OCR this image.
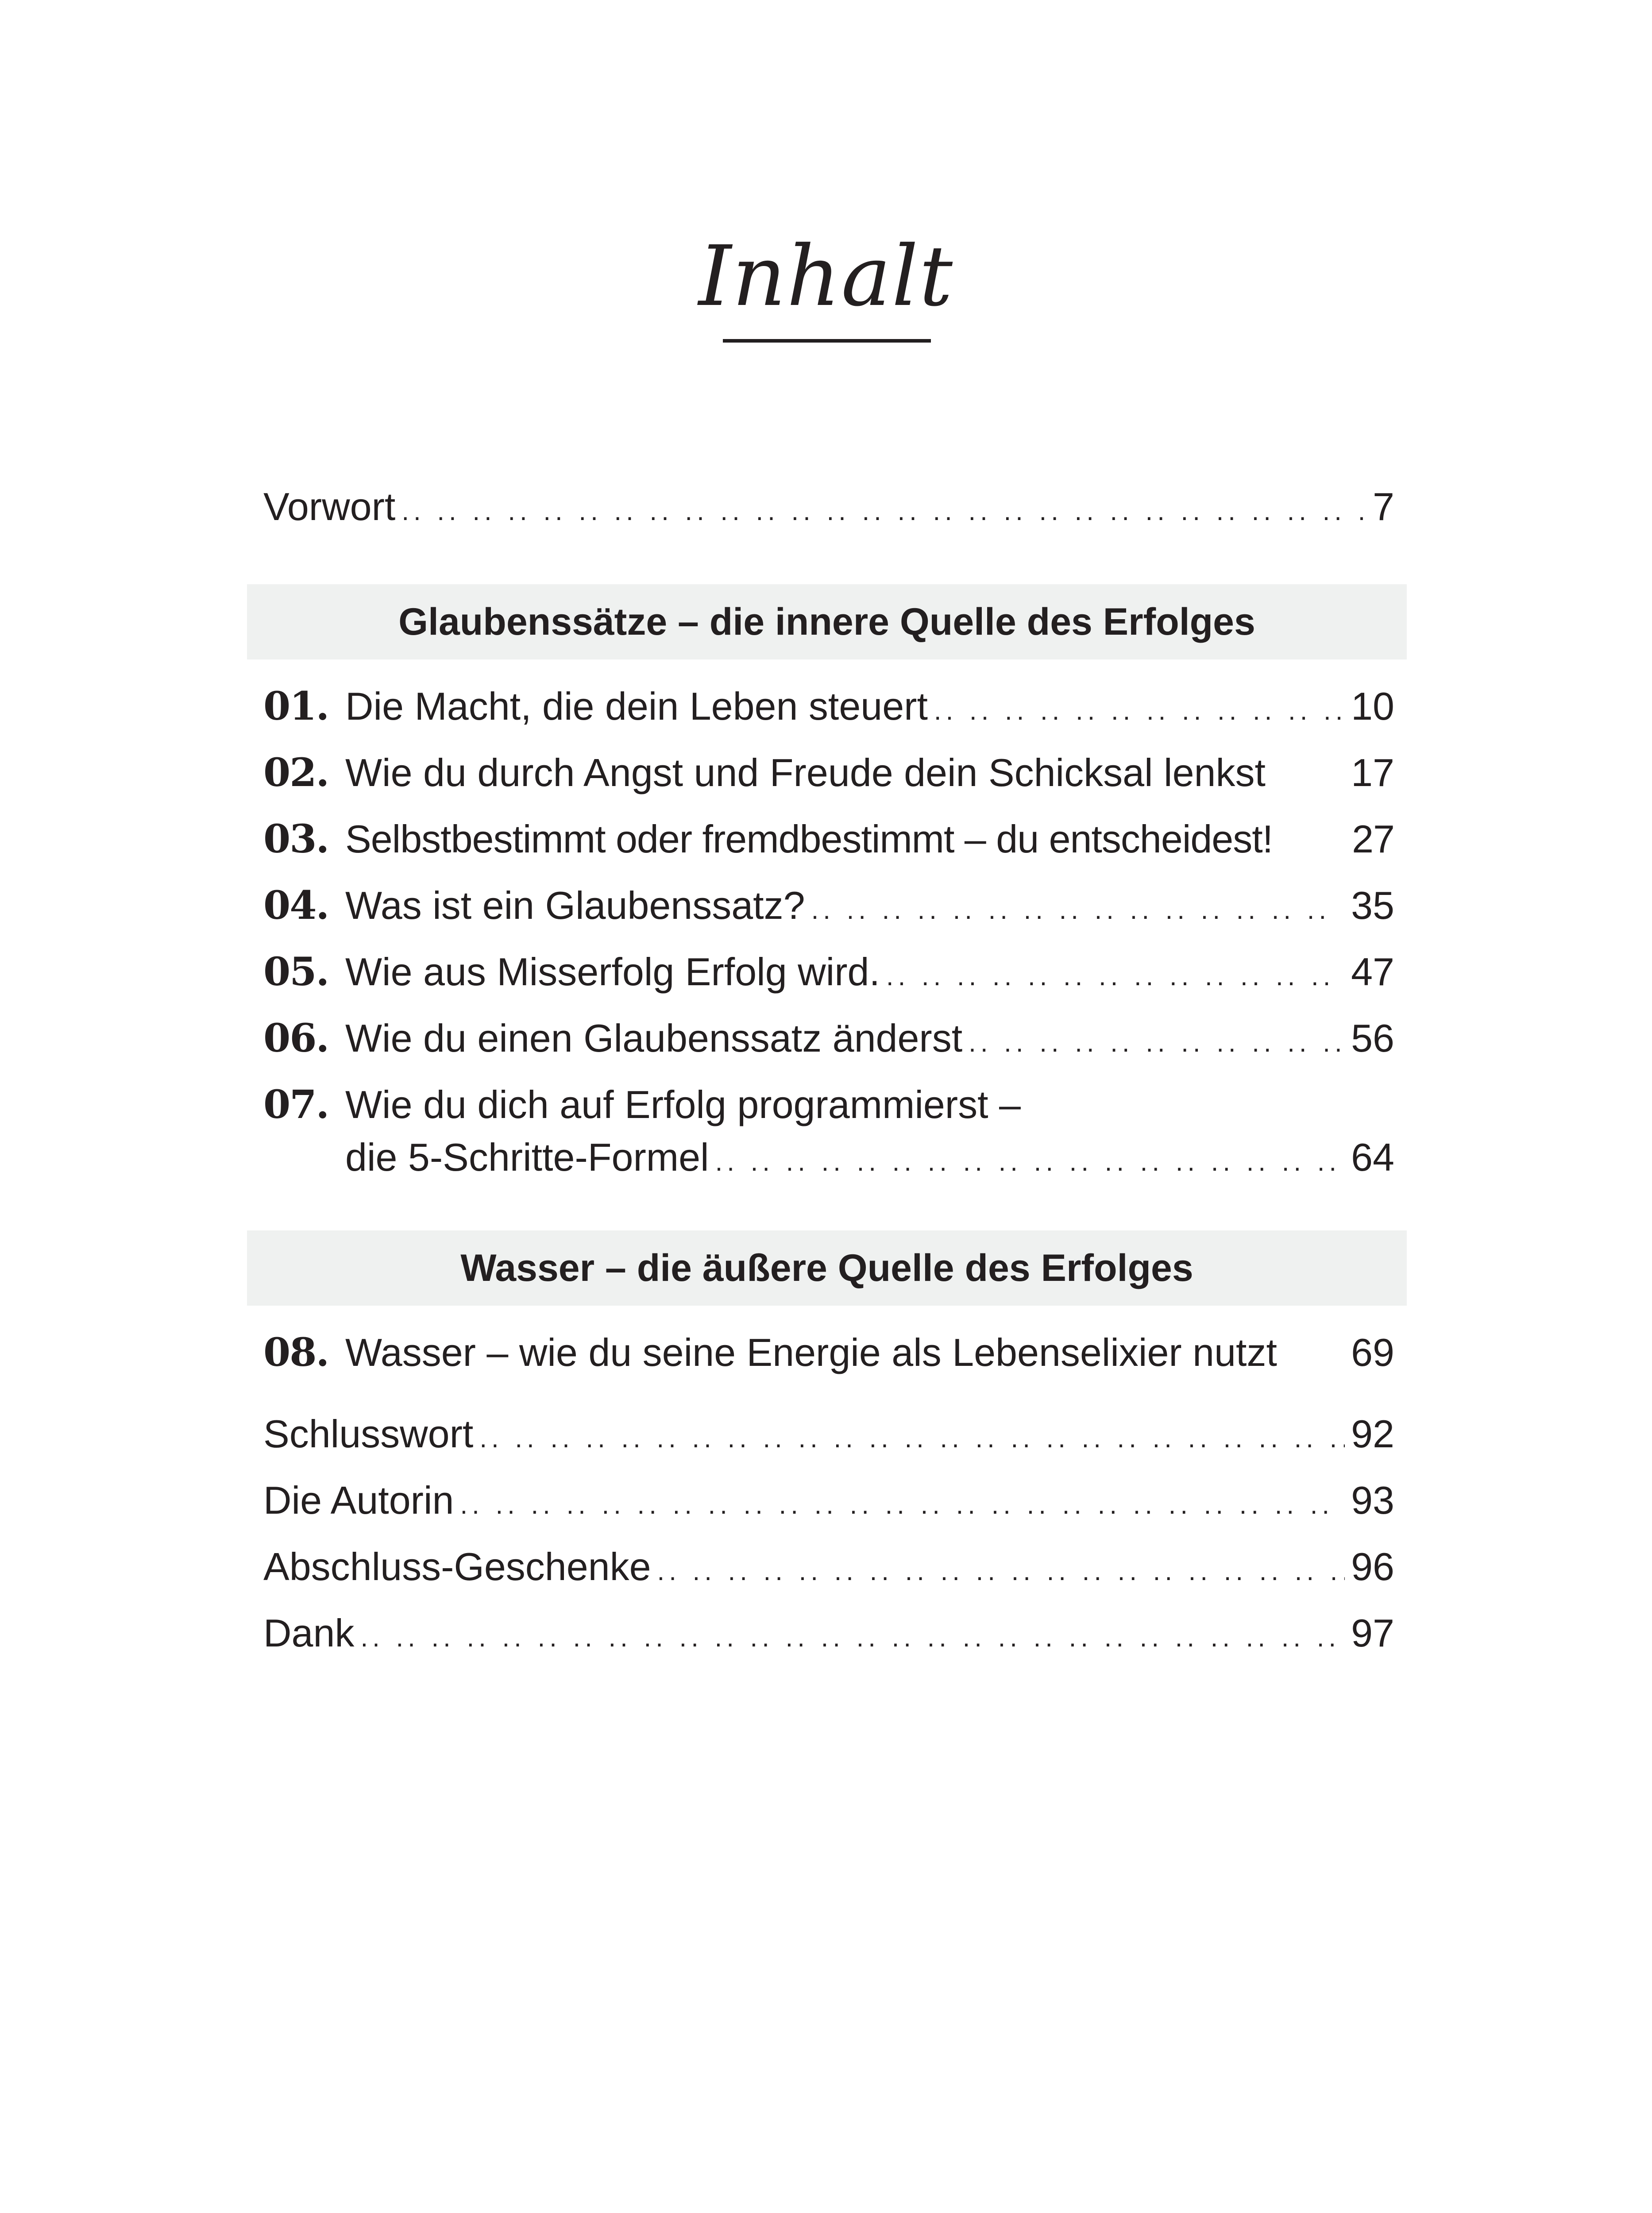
Inhalt
Vorwort .. ..	7
Glaubenssätze – die innere Quelle des Erfolges
01. Die Macht, die dein Leben steuert .. ..	10
02. Wie du durch Angst und Freude dein Schicksal lenkst	17
03. Selbstbestimmt oder fremdbestimmt – du entscheidest!	27
04. Was ist ein Glaubenssatz? .. ..	35
05. Wie aus Misserfolg Erfolg wird. .. ..	47
06. Wie du einen Glaubenssatz änderst .. ..	56
07. Wie du dich auf Erfolg programmierst –
die 5-Schritte-Formel .. ..	64
Wasser – die äußere Quelle des Erfolges
08. Wasser – wie du seine Energie als Lebenselixier nutzt	69
Schlusswort .. ..	92
Die Autorin .. ..	93
Abschluss-Geschenke .. ..	96
Dank .. ..	97
